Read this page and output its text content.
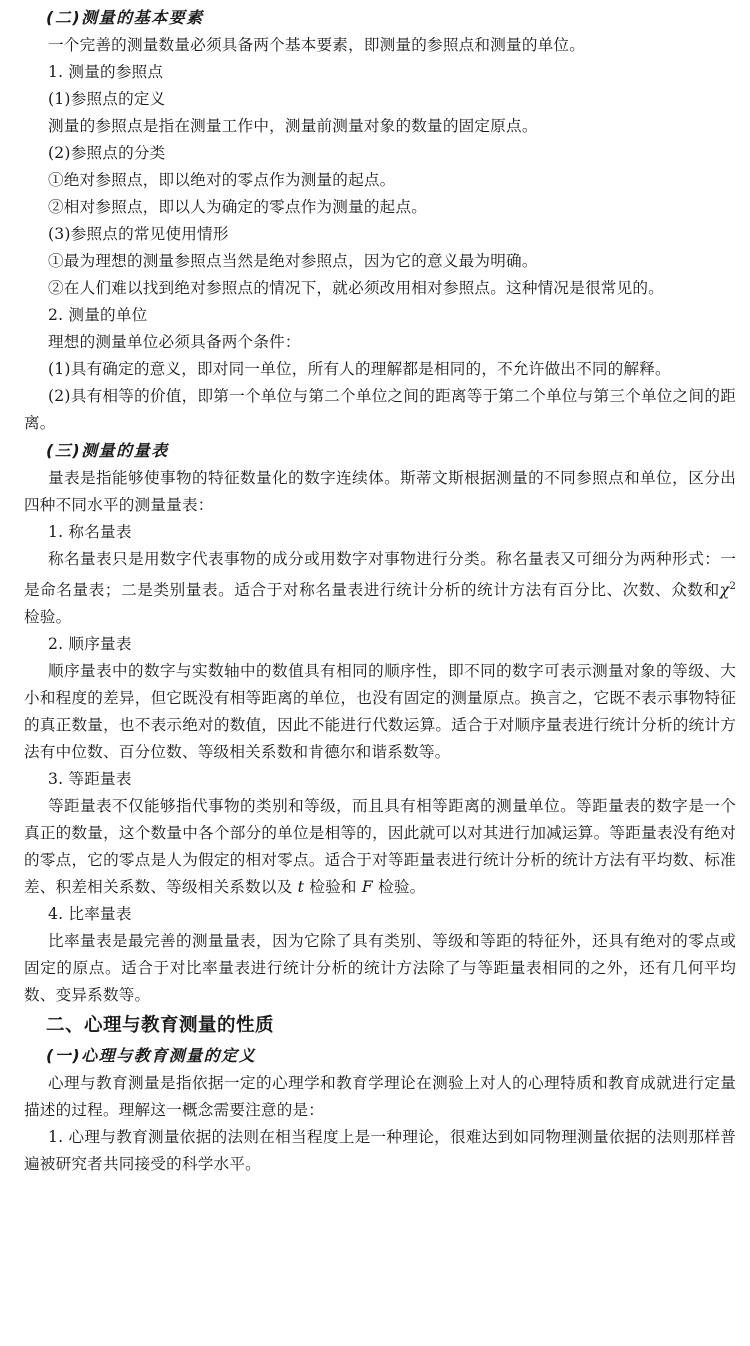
(二)测量的基本要素
一个完善的测量数量必须具备两个基本要素，即测量的参照点和测量的单位。
1. 测量的参照点
(1)参照点的定义
测量的参照点是指在测量工作中，测量前测量对象的数量的固定原点。
(2)参照点的分类
①绝对参照点，即以绝对的零点作为测量的起点。
②相对参照点，即以人为确定的零点作为测量的起点。
(3)参照点的常见使用情形
①最为理想的测量参照点当然是绝对参照点，因为它的意义最为明确。
②在人们难以找到绝对参照点的情况下，就必须改用相对参照点。这种情况是很常见的。
2. 测量的单位
理想的测量单位必须具备两个条件：
(1)具有确定的意义，即对同一单位，所有人的理解都是相同的，不允许做出不同的解释。
(2)具有相等的价值，即第一个单位与第二个单位之间的距离等于第二个单位与第三个单位之间的距离。
(三)测量的量表
量表是指能够使事物的特征数量化的数字连续体。斯蒂文斯根据测量的不同参照点和单位，区分出四种不同水平的测量量表：
1. 称名量表
称名量表只是用数字代表事物的成分或用数字对事物进行分类。称名量表又可细分为两种形式：一是命名量表；二是类别量表。适合于对称名量表进行统计分析的统计方法有百分比、次数、众数和$\chi^2$ 检验。
2. 顺序量表
顺序量表中的数字与实数轴中的数值具有相同的顺序性，即不同的数字可表示测量对象的等级、大小和程度的差异，但它既没有相等距离的单位，也没有固定的测量原点。换言之，它既不表示事物特征的真正数量，也不表示绝对的数值，因此不能进行代数运算。适合于对顺序量表进行统计分析的统计方法有中位数、百分位数、等级相关系数和肯德尔和谐系数等。
3. 等距量表
等距量表不仅能够指代事物的类别和等级，而且具有相等距离的测量单位。等距量表的数字是一个真正的数量，这个数量中各个部分的单位是相等的，因此就可以对其进行加减运算。等距量表没有绝对的零点，它的零点是人为假定的相对零点。适合于对等距量表进行统计分析的统计方法有平均数、标准差、积差相关系数、等级相关系数以及 t 检验和 F 检验。
4. 比率量表
比率量表是最完善的测量量表，因为它除了具有类别、等级和等距的特征外，还具有绝对的零点或固定的原点。适合于对比率量表进行统计分析的统计方法除了与等距量表相同的之外，还有几何平均数、变异系数等。
二、心理与教育测量的性质
(一)心理与教育测量的定义
心理与教育测量是指依据一定的心理学和教育学理论在测验上对人的心理特质和教育成就进行定量描述的过程。理解这一概念需要注意的是：
1. 心理与教育测量依据的法则在相当程度上是一种理论，很难达到如同物理测量依据的法则那样普遍被研究者共同接受的科学水平。
